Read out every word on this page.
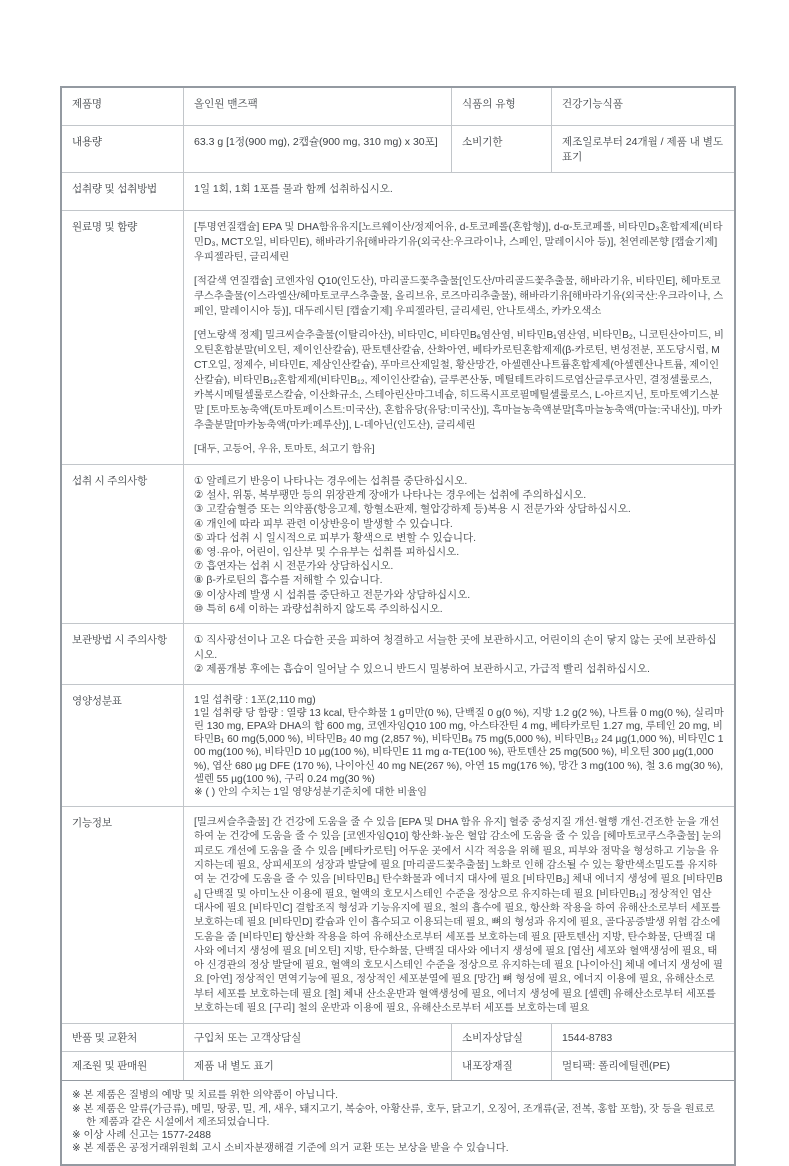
제품명	올인원 맨즈팩	식품의 유형	건강기능식품
내용량	63.3 g [1정(900 mg), 2캡슐(900 mg, 310 mg) x 30포]	소비기한	제조일로부터 24개월 / 제품 내 별도 표기
섭취량 및 섭취방법	1일 1회, 1회 1포를 물과 함께 섭취하십시오.
원료명 및 함량	[투명연질캡슐] EPA 및 DHA함유유지[노르웨이산/정제어유, d-토코페롤(혼합형)], d-α-토코페롤, 비타민D₃혼합제제(비타민D₃, MCT오일, 비타민E), 해바라기유[해바라기유(외국산:우크라이나, 스페인, 말레이시아 등)], 천연레몬향 [캡슐기제] 우피젤라틴, 글리세린
[적갈색 연질캡슐] 코엔자임 Q10(인도산), 마리골드꽃추출물[인도산/마리골드꽃추출물, 해바라기유, 비타민E], 헤마토코쿠스추출물(이스라엘산/헤마토코쿠스추출물, 올리브유, 로즈마리추출물), 해바라기유[해바라기유(외국산:우크라이나, 스페인, 말레이시아 등)], 대두레시틴 [캡슐기제] 우피젤라틴, 글리세린, 안나토색소, 카카오색소
[연노랑색 정제] 밀크씨슬추출물(이탈리아산), 비타민C, 비타민B₆염산염, 비타민B₁염산염, 비타민B₂, 니코틴산아미드, 비오틴혼합분말(비오틴, 제이인산칼슘), 판토텐산칼슘, 산화아연, 베타카로틴혼합제제(β-카로틴, 변성전분, 포도당시럽, MCT오일, 정제수, 비타민E, 제삼인산칼슘), 푸마르산제일철, 황산망간, 아셀렌산나트륨혼합제제(아셀렌산나트륨, 제이인산칼슘), 비타민B₁₂혼합제제(비타민B₁₂, 제이인산칼슘), 글루콘산동, 메틸테트라히드로엽산글루코사민, 결정셀룰로스, 카복시메틸셀룰로스칼슘, 이산화규소, 스테아린산마그네슘, 히드록시프로필메틸셀룰로스, L-아르지닌, 토마토엑기스분말 [토마토농축액(토마토페이스트:미국산), 혼합유당(유당:미국산)], 흑마늘농축액분말[흑마늘농축액(마늘:국내산)], 마카추출분말[마카농축액(마카:페루산)], L-데아닌(인도산), 글리세린
[대두, 고등어, 우유, 토마토, 쇠고기 함유]
섭취 시 주의사항	① 알레르기 반응이 나타나는 경우에는 섭취를 중단하십시오.
② 설사, 위통, 복부팽만 등의 위장관계 장애가 나타나는 경우에는 섭취에 주의하십시오.
③ 고칼슘혈증 또는 의약품(항응고제, 항혈소판제, 혈압강하제 등)복용 시 전문가와 상담하십시오.
④ 개인에 따라 피부 관련 이상반응이 발생할 수 있습니다.
⑤ 과다 섭취 시 일시적으로 피부가 황색으로 변할 수 있습니다.
⑥ 영·유아, 어린이, 임산부 및 수유부는 섭취를 피하십시오.
⑦ 흡연자는 섭취 시 전문가와 상담하십시오.
⑧ β-카로틴의 흡수를 저해할 수 있습니다.
⑨ 이상사례 발생 시 섭취를 중단하고 전문가와 상담하십시오.
⑩ 특히 6세 이하는 과량섭취하지 않도록 주의하십시오.
보관방법 시 주의사항	① 직사광선이나 고온 다습한 곳을 피하여 청결하고 서늘한 곳에 보관하시고, 어린이의 손이 닿지 않는 곳에 보관하십시오.
② 제품개봉 후에는 흡습이 일어날 수 있으니 반드시 밀봉하여 보관하시고, 가급적 빨리 섭취하십시오.
영양성분표	1일 섭취량 : 1포(2,110 mg)
1일 섭취량 당 함량 : 열량 13 kcal, 탄수화물 1 g미만(0 %), 단백질 0 g(0 %), 지방 1.2 g(2 %), 나트륨 0 mg(0 %), 실리마린 130 mg, EPA와 DHA의 합 600 mg, 코엔자임Q10 100 mg, 아스타잔틴 4 mg, 베타카로틴 1.27 mg, 루테인 20 mg, 비타민B₁ 60 mg(5,000 %), 비타민B₂ 40 mg (2,857 %), 비타민B₆ 75 mg(5,000 %), 비타민B₁₂ 24 µg(1,000 %), 비타민C 100 mg(100 %), 비타민D 10 µg(100 %), 비타민E 11 mg α-TE(100 %), 판토텐산 25 mg(500 %), 비오틴 300 µg(1,000 %), 엽산 680 µg DFE (170 %), 나이아신 40 mg NE(267 %), 아연 15 mg(176 %), 망간 3 mg(100 %), 철 3.6 mg(30 %), 셀렌 55 µg(100 %), 구리 0.24 mg(30 %)
※ ( ) 안의 수치는 1일 영양성분기준치에 대한 비율임
기능정보	[밀크씨슬추출물] 간 건강에 도움을 줄 수 있음 [EPA 및 DHA 함유 유지] 혈중 중성지질 개선·혈행 개선·건조한 눈을 개선하여 눈 건강에 도움을 줄 수 있음 [코엔자임Q10] 항산화·높은 혈압 감소에 도움을 줄 수 있음 [헤마토코쿠스추출물] 눈의 피로도 개선에 도움을 줄 수 있음 [베타카로틴] 어두운 곳에서 시각 적응을 위해 필요, 피부와 점막을 형성하고 기능을 유지하는데 필요, 상피세포의 성장과 발달에 필요 [마리골드꽃추출물] 노화로 인해 감소될 수 있는 황반색소밀도를 유지하여 눈 건강에 도움을 줄 수 있음 [비타민B₁] 탄수화물과 에너지 대사에 필요 [비타민B₂] 체내 에너지 생성에 필요 [비타민B₆] 단백질 및 아미노산 이용에 필요, 혈액의 호모시스테인 수준을 정상으로 유지하는데 필요 [비타민B₁₂] 정상적인 엽산 대사에 필요 [비타민C] 결합조직 형성과 기능유지에 필요, 철의 흡수에 필요, 항산화 작용을 하여 유해산소로부터 세포를 보호하는데 필요 [비타민D] 칼슘과 인이 흡수되고 이용되는데 필요, 뼈의 형성과 유지에 필요, 골다공증발생 위험 감소에 도움을 줌 [비타민E] 항산화 작용을 하여 유해산소로부터 세포를 보호하는데 필요 [판토텐산] 지방, 탄수화물, 단백질 대사와 에너지 생성에 필요 [비오틴] 지방, 탄수화물, 단백질 대사와 에너지 생성에 필요 [엽산] 세포와 혈액생성에 필요, 태아 신경관의 정상 발달에 필요, 혈액의 호모시스테인 수준을 정상으로 유지하는데 필요 [나이아신] 체내 에너지 생성에 필요 [아연] 정상적인 면역기능에 필요, 정상적인 세포분열에 필요 [망간] 뼈 형성에 필요, 에너지 이용에 필요, 유해산소로부터 세포를 보호하는데 필요 [철] 체내 산소운반과 혈액생성에 필요, 에너지 생성에 필요 [셀렌] 유해산소로부터 세포를 보호하는데 필요 [구리] 철의 운반과 이용에 필요, 유해산소로부터 세포를 보호하는데 필요
반품 및 교환처	구입처 또는 고객상담실	소비자상담실	1544-8783
제조원 및 판매원	제품 내 별도 표기	내포장재질	멀티팩: 폴리에틸렌(PE)
※ 본 제품은 질병의 예방 및 치료를 위한 의약품이 아닙니다.
※ 본 제품은 알류(가금류), 메밀, 땅콩, 밀, 게, 새우, 돼지고기, 복숭아, 아황산류, 호두, 닭고기, 오징어, 조개류(굴, 전복, 홍합 포함), 잣 등을 원료로 한 제품과 같은 시설에서 제조되었습니다.
※ 이상 사례 신고는 1577-2488
※ 본 제품은 공정거래위원회 고시 소비자분쟁해결 기준에 의거 교환 또는 보상을 받을 수 있습니다.
